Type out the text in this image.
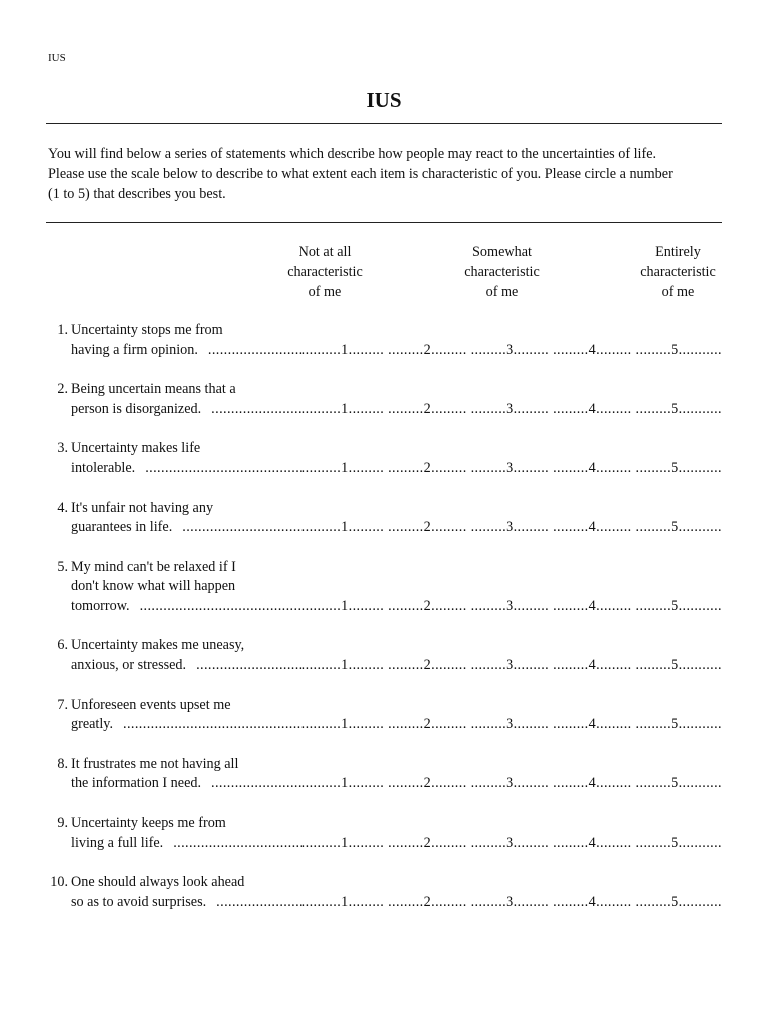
IUS
IUS
You will find below a series of statements which describe how people may react to the uncertainties of life.
Please use the scale below to describe to what extent each item is characteristic of you. Please circle a number
(1 to 5) that describes you best.
Not at all
characteristic
of me
Somewhat
characteristic
of me
Entirely
characteristic
of me
1. Uncertainty stops me from
having a firm opinion. .....	..........1......... .........2......... .........3......... .........4......... .........5...........
2. Being uncertain means that a
person is disorganized. .....	..........1......... .........2......... .........3......... .........4......... .........5...........
3. Uncertainty makes life
intolerable. .....	..........1......... .........2......... .........3......... .........4......... .........5...........
4. It's unfair not having any
guarantees in life. .....	..........1......... .........2......... .........3......... .........4......... .........5...........
5. My mind can't be relaxed if I
don't know what will happen
tomorrow. .....	..........1......... .........2......... .........3......... .........4......... .........5...........
6. Uncertainty makes me uneasy,
anxious, or stressed. .....	..........1......... .........2......... .........3......... .........4......... .........5...........
7. Unforeseen events upset me
greatly. .....	..........1......... .........2......... .........3......... .........4......... .........5...........
8. It frustrates me not having all
the information I need. .....	..........1......... .........2......... .........3......... .........4......... .........5...........
9. Uncertainty keeps me from
living a full life. .....	..........1......... .........2......... .........3......... .........4......... .........5...........
10. One should always look ahead
so as to avoid surprises. .....	..........1......... .........2......... .........3......... .........4......... .........5...........
